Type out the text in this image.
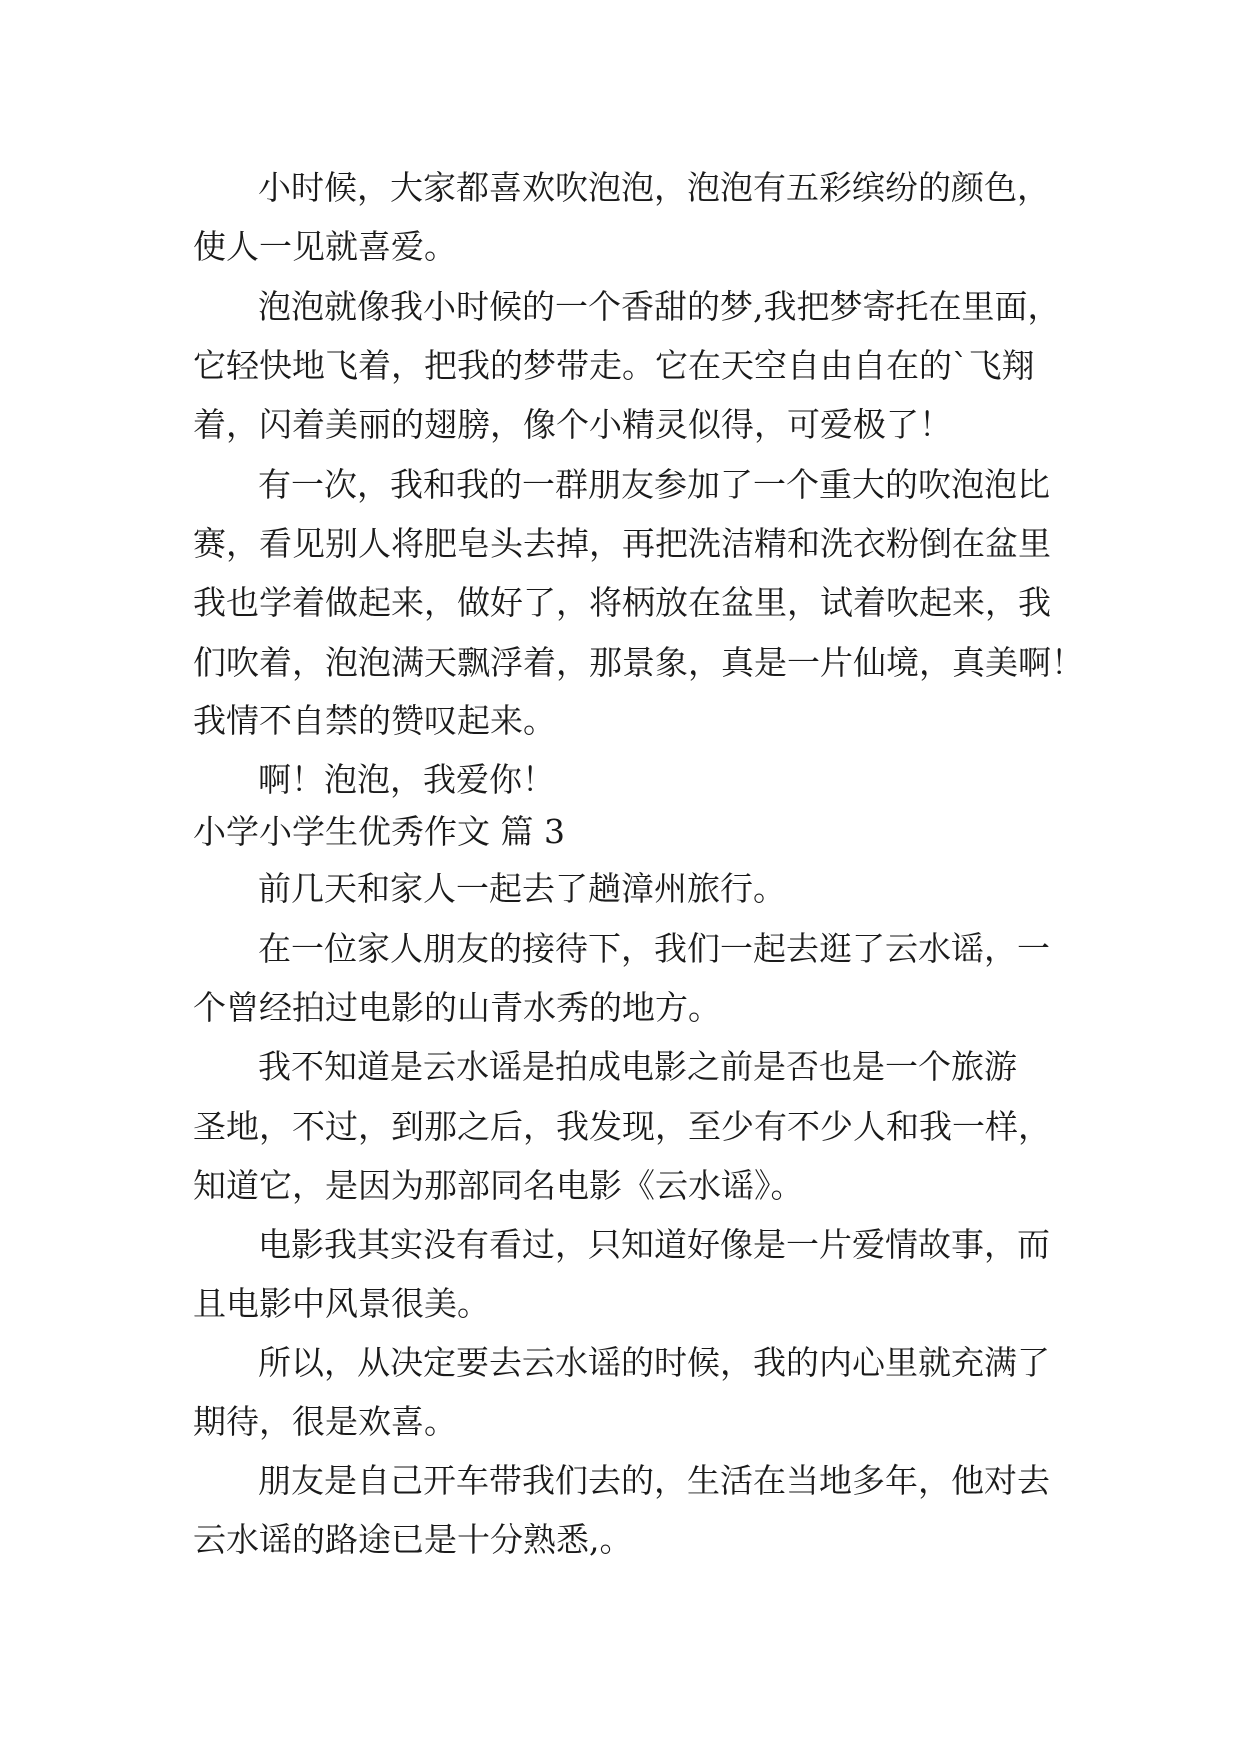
小时候，大家都喜欢吹泡泡，泡泡有五彩缤纷的颜色，
使人一见就喜爱。
泡泡就像我小时候的一个香甜的梦,我把梦寄托在里面，
它轻快地飞着，把我的梦带走。它在天空自由自在的`飞翔
着，闪着美丽的翅膀，像个小精灵似得，可爱极了！
有一次，我和我的一群朋友参加了一个重大的吹泡泡比
赛，看见别人将肥皂头去掉，再把洗洁精和洗衣粉倒在盆里
我也学着做起来，做好了，将柄放在盆里，试着吹起来，我
们吹着，泡泡满天飘浮着，那景象，真是一片仙境，真美啊！
我情不自禁的赞叹起来。
啊！泡泡，我爱你！
小学小学生优秀作文 篇 3
前几天和家人一起去了趟漳州旅行。
在一位家人朋友的接待下，我们一起去逛了云水谣，一
个曾经拍过电影的山青水秀的地方。
我不知道是云水谣是拍成电影之前是否也是一个旅游
圣地，不过，到那之后，我发现，至少有不少人和我一样，
知道它，是因为那部同名电影《云水谣》。
电影我其实没有看过，只知道好像是一片爱情故事，而
且电影中风景很美。
所以，从决定要去云水谣的时候，我的内心里就充满了
期待，很是欢喜。
朋友是自己开车带我们去的，生活在当地多年，他对去
云水谣的路途已是十分熟悉,。
